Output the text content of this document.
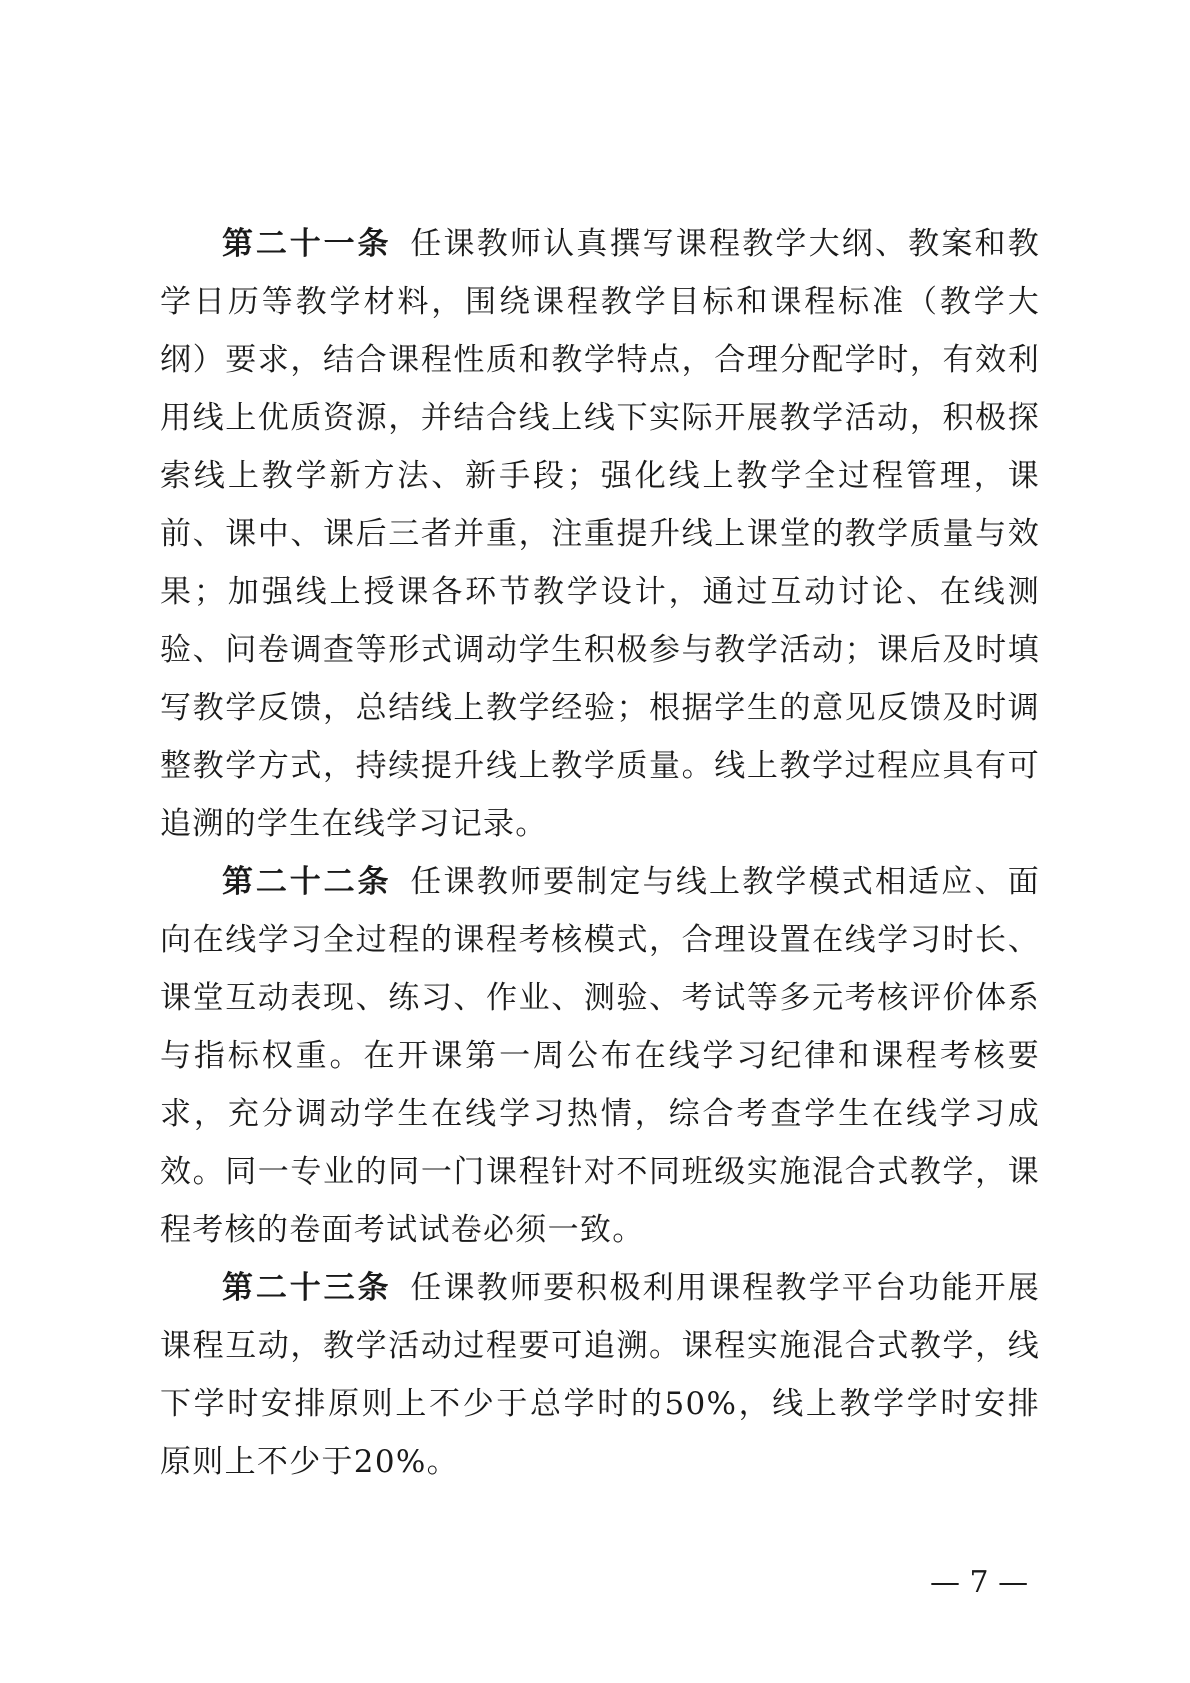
第二十一条 任课教师认真撰写课程教学大纲、教案和教学日历等教学材料，围绕课程教学目标和课程标准（教学大纲）要求，结合课程性质和教学特点，合理分配学时，有效利用线上优质资源，并结合线上线下实际开展教学活动，积极探索线上教学新方法、新手段；强化线上教学全过程管理，课前、课中、课后三者并重，注重提升线上课堂的教学质量与效果；加强线上授课各环节教学设计，通过互动讨论、在线测验、问卷调查等形式调动学生积极参与教学活动；课后及时填写教学反馈，总结线上教学经验；根据学生的意见反馈及时调整教学方式，持续提升线上教学质量。线上教学过程应具有可追溯的学生在线学习记录。

第二十二条 任课教师要制定与线上教学模式相适应、面向在线学习全过程的课程考核模式，合理设置在线学习时长、课堂互动表现、练习、作业、测验、考试等多元考核评价体系与指标权重。在开课第一周公布在线学习纪律和课程考核要求，充分调动学生在线学习热情，综合考查学生在线学习成效。同一专业的同一门课程针对不同班级实施混合式教学，课程考核的卷面考试试卷必须一致。

第二十三条 任课教师要积极利用课程教学平台功能开展课程互动，教学活动过程要可追溯。课程实施混合式教学，线下学时安排原则上不少于总学时的50%，线上教学学时安排原则上不少于20%。

— 7 —
